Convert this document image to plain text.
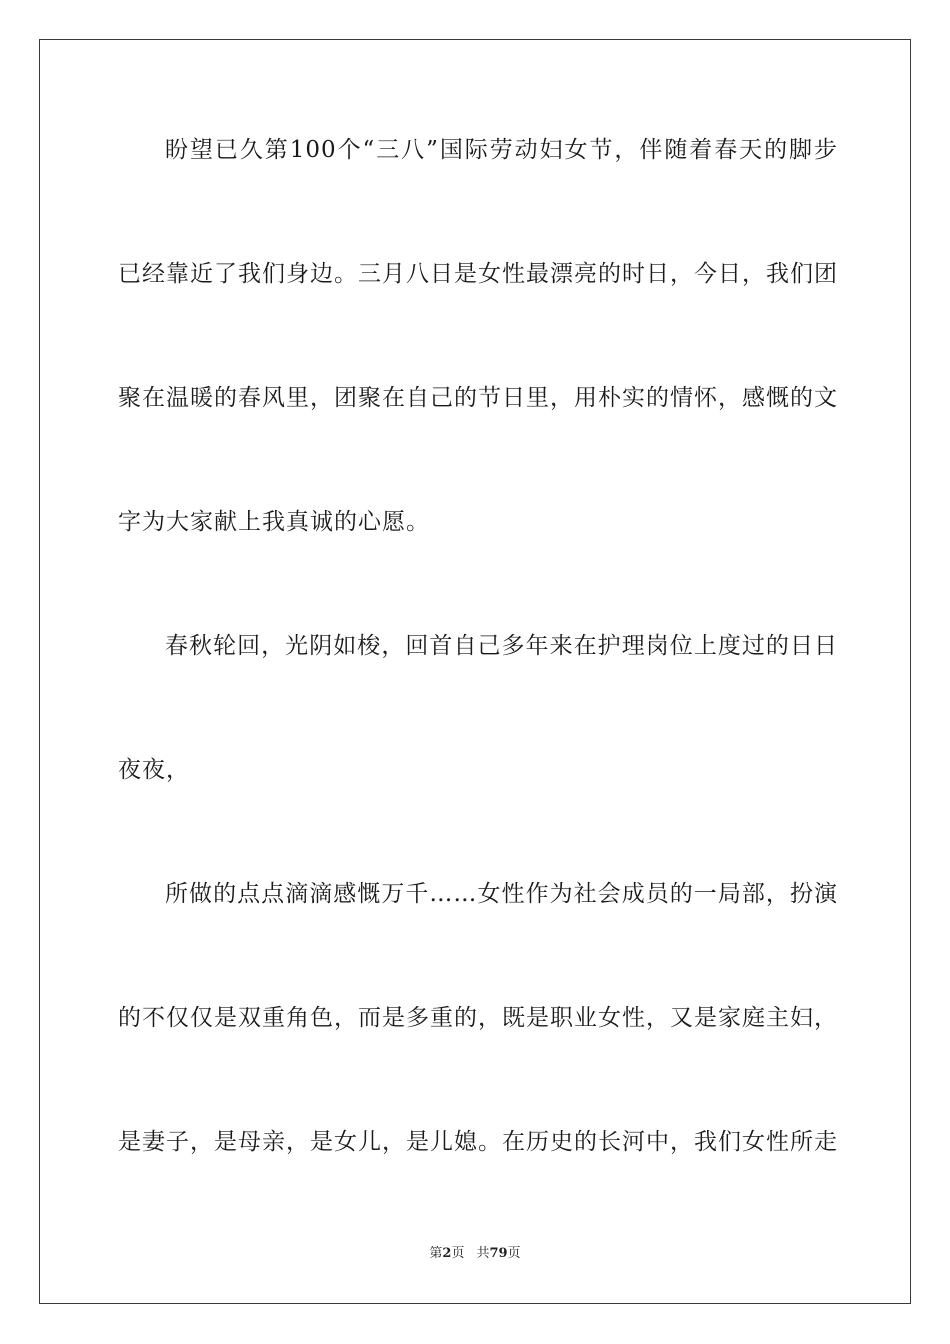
盼望已久第100个“三八”国际劳动妇女节，伴随着春天的脚步
已经靠近了我们身边。三月八日是女性最漂亮的时日，今日，我们团
聚在温暖的春风里，团聚在自己的节日里，用朴实的情怀，感慨的文
字为大家献上我真诚的心愿。
春秋轮回，光阴如梭，回首自己多年来在护理岗位上度过的日日
夜夜，
所做的点点滴滴感慨万千……女性作为社会成员的一局部，扮演
的不仅仅是双重角色，而是多重的，既是职业女性，又是家庭主妇，
是妻子，是母亲，是女儿，是儿媳。在历史的长河中，我们女性所走
第2页 共79页
